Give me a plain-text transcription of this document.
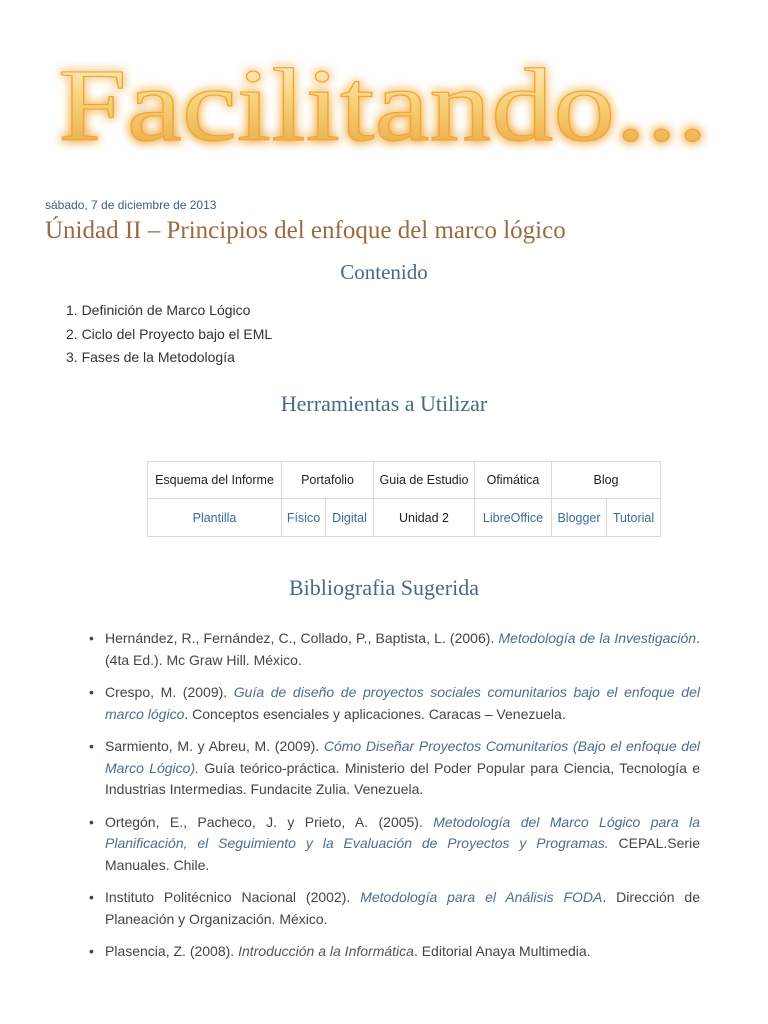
Facilitando...
sábado, 7 de diciembre de 2013
Únidad II – Principios del enfoque del marco lógico
Contenido
1. Definición de Marco Lógico
2. Ciclo del Proyecto bajo el EML
3. Fases de la Metodología
Herramientas a Utilizar
Esquema del Informe	Portafolio		Guia de Estudio	Ofimática	Blog	
Plantilla	Físico	Digital	Unidad 2	LibreOffice	Blogger	Tutorial
Bibliografia Sugerida
• Hernández, R., Fernández, C., Collado, P., Baptista, L. (2006). Metodología de la Investigación. (4ta Ed.). Mc Graw Hill. México.
• Crespo, M. (2009). Guía de diseño de proyectos sociales comunitarios bajo el enfoque del marco lógico. Conceptos esenciales y aplicaciones. Caracas – Venezuela.
• Sarmiento, M. y Abreu, M. (2009). Cómo Diseñar Proyectos Comunitarios (Bajo el enfoque del Marco Lógico). Guía teórico-práctica. Ministerio del Poder Popular para Ciencia, Tecnología e Industrias Intermedias. Fundacite Zulia. Venezuela.
• Ortegón, E., Pacheco, J. y Prieto, A. (2005). Metodología del Marco Lógico para la Planificación, el Seguimiento y la Evaluación de Proyectos y Programas. CEPAL.Serie Manuales. Chile.
• Instituto Politécnico Nacional (2002). Metodología para el Análisis FODA. Dirección de Planeación y Organización. México.
• Plasencia, Z. (2008). Introducción a la Informática. Editorial Anaya Multimedia.
